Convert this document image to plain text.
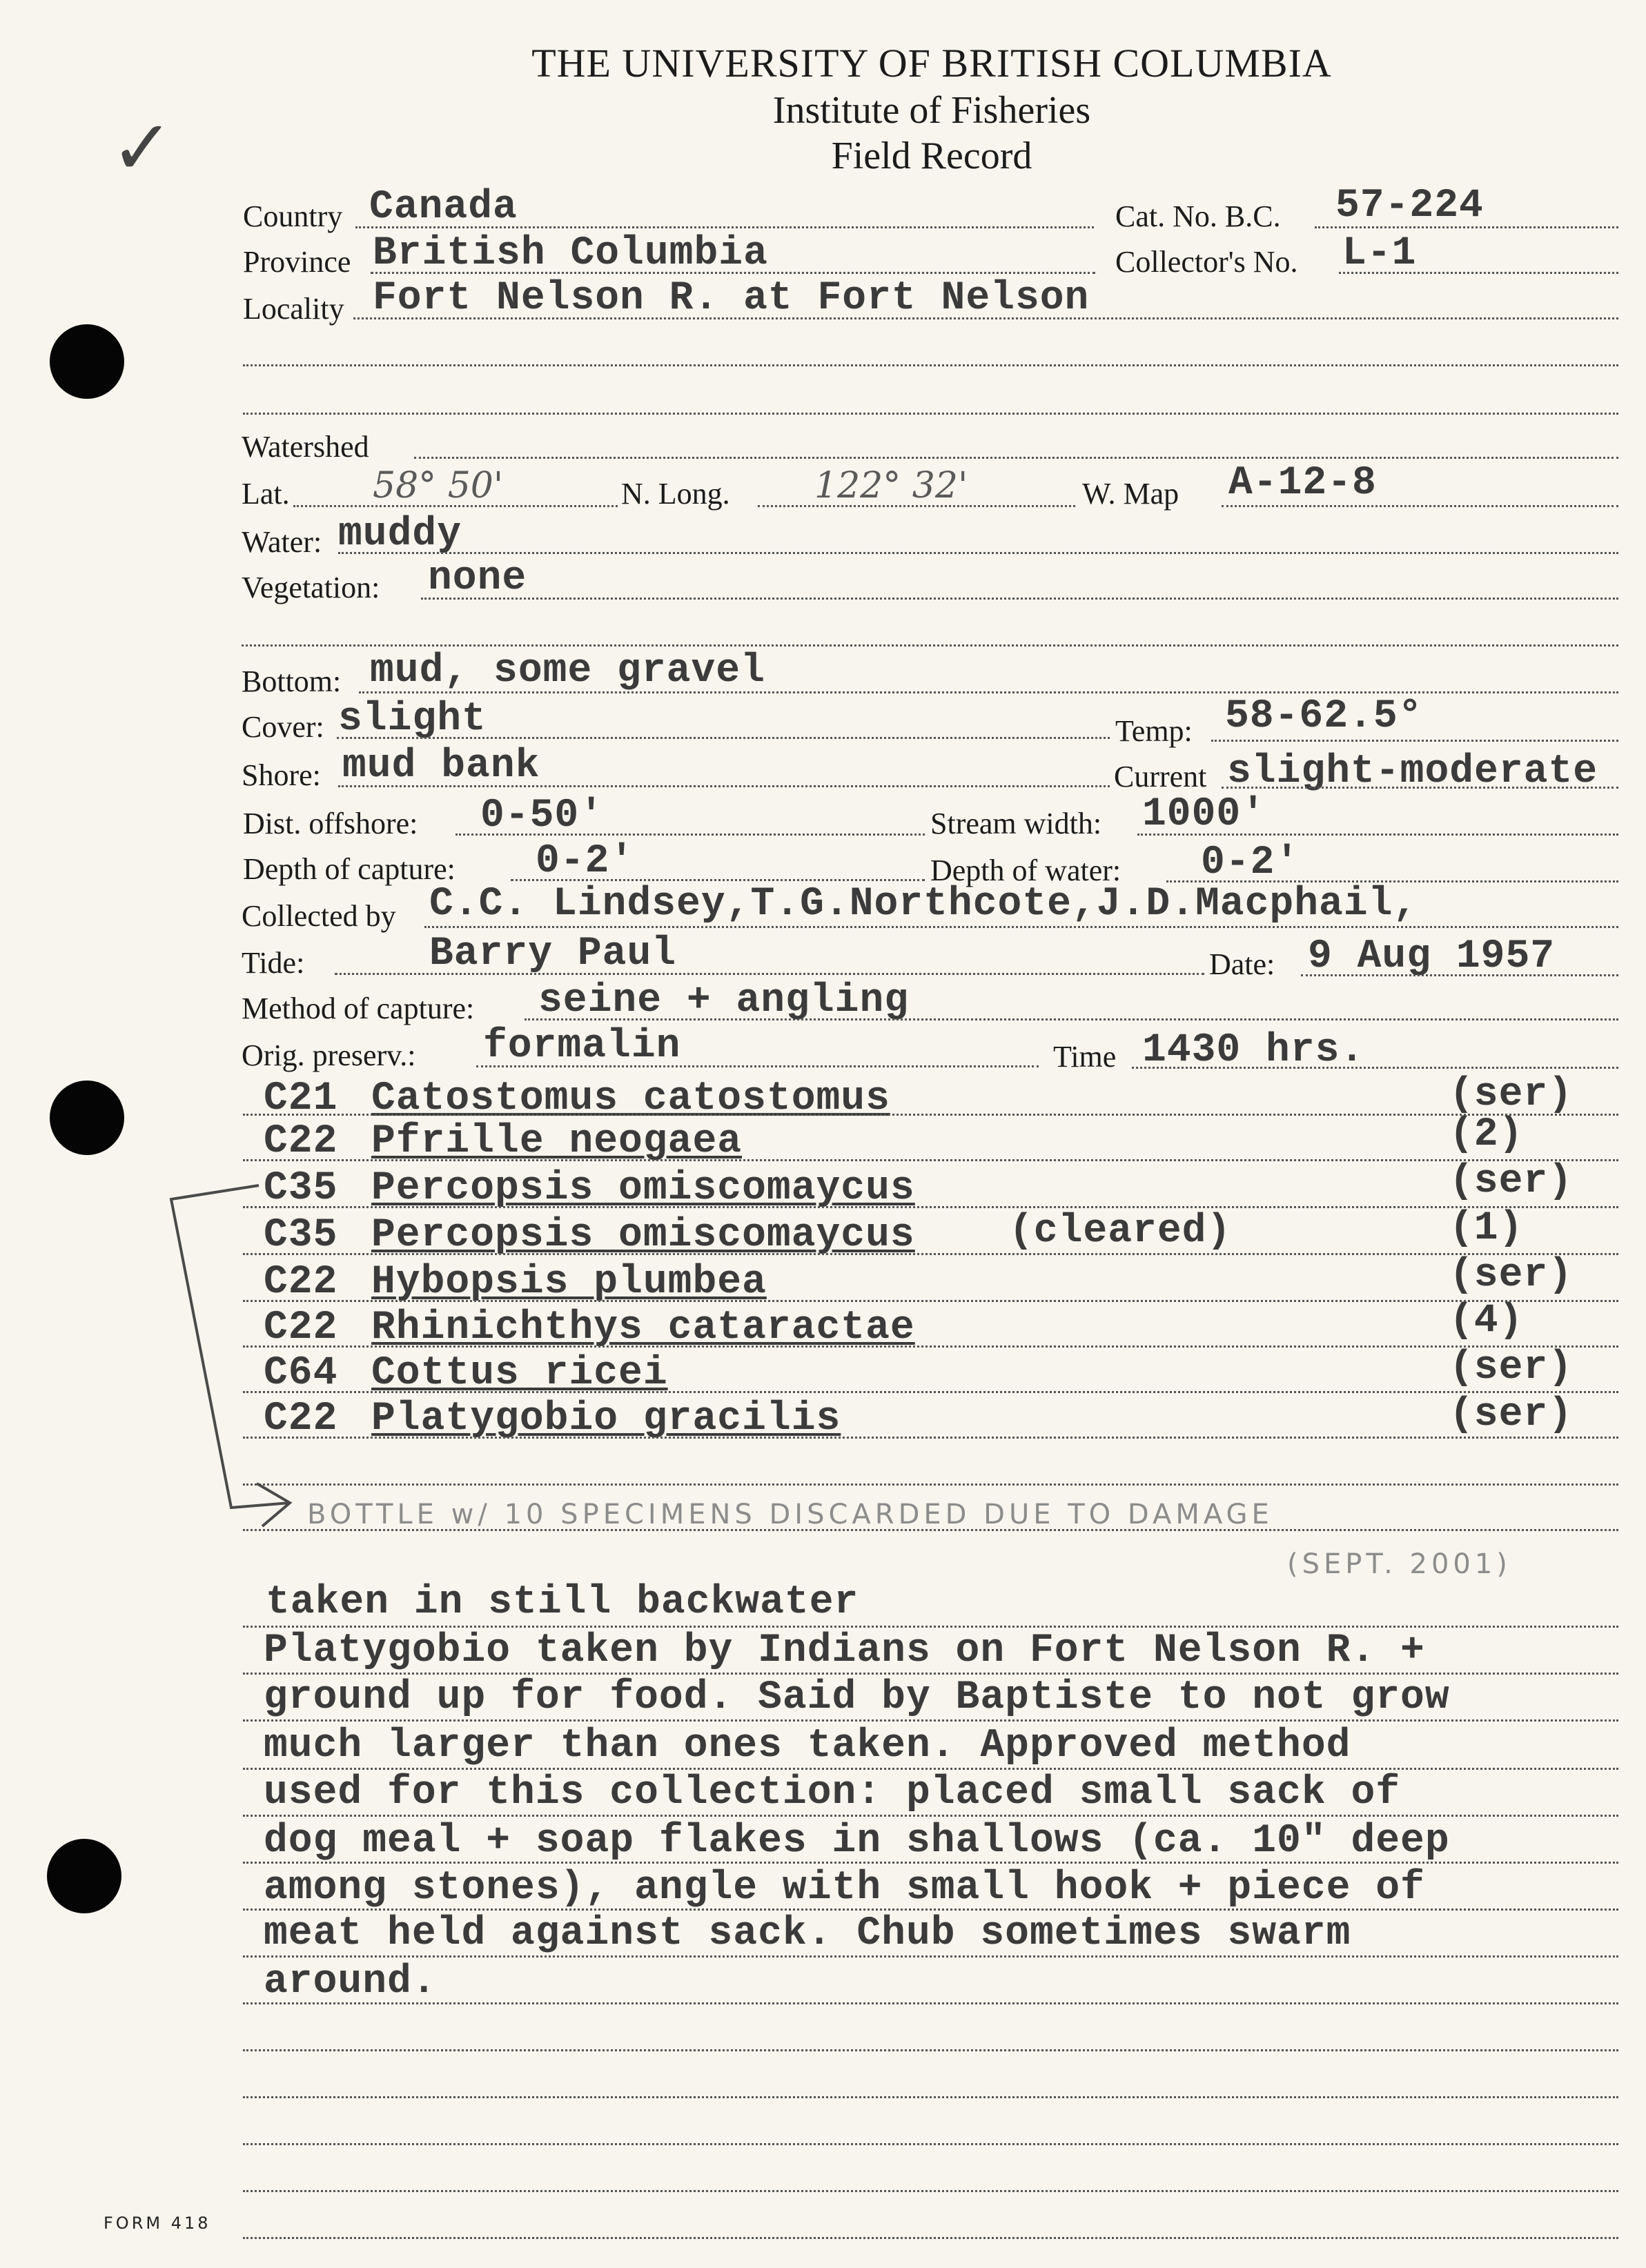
✓
THE UNIVERSITY OF BRITISH COLUMBIA
Institute of Fisheries
Field Record
Country Canada	Cat. No. B.C. 57-224
Province British Columbia	Collector's No. L-1
Locality Fort Nelson R. at Fort Nelson
Watershed
Lat. 58° 50'	N. Long. 122° 32'	W. Map A-12-8
Water: muddy
Vegetation: none
Bottom: mud, some gravel
Cover: slight	Temp: 58-62.5°
Shore: mud bank	Current slight-moderate
Dist. offshore: 0-50'	Stream width: 1000'
Depth of capture: 0-2'	Depth of water: 0-2'
Collected by C.C. Lindsey,T.G.Northcote,J.D.Macphail,
Tide:	Barry Paul	Date: 9 Aug 1957
Method of capture: seine + angling
Orig. preserv.: formalin	Time 1430 hrs.
C21 Catostomus catostomus	(ser)
C22 Pfrille neogaea	(2)
C35 Percopsis omiscomaycus	(ser)
C35 Percopsis omiscomaycus (cleared)	(1)
C22 Hybopsis plumbea	(ser)
C22 Rhinichthys cataractae	(4)
C64 Cottus ricei	(ser)
C22 Platygobio gracilis	(ser)
BOTTLE w/ 10 SPECIMENS DISCARDED DUE TO DAMAGE
(SEPT. 2001)
taken in still backwater
Platygobio taken by Indians on Fort Nelson R. +
ground up for food. Said by Baptiste to not grow
much larger than ones taken. Approved method
used for this collection: placed small sack of
dog meal + soap flakes in shallows (ca. 10" deep
among stones), angle with small hook + piece of
meat held against sack. Chub sometimes swarm
around.
FORM 418
